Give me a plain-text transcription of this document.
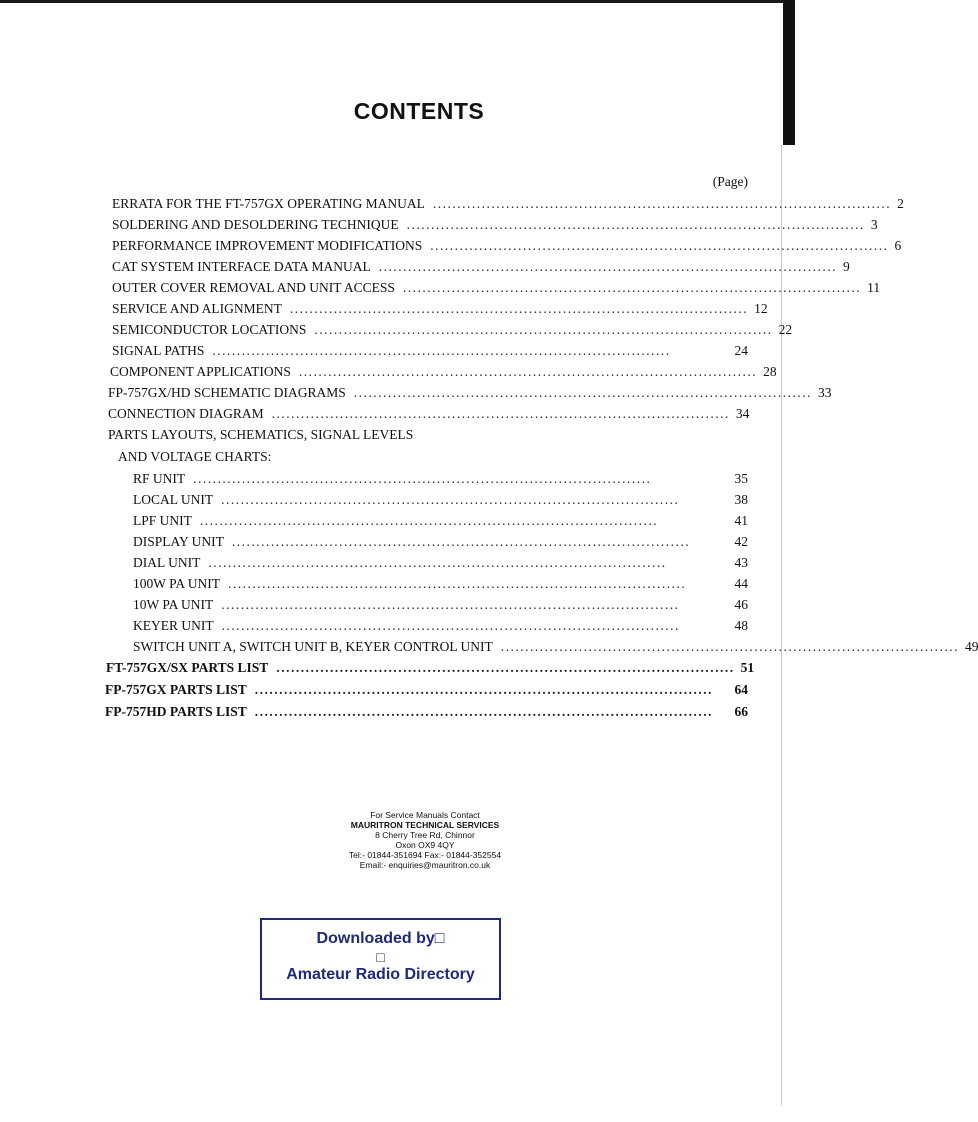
CONTENTS
(Page)
ERRATA FOR THE FT-757GX OPERATING MANUAL .............................................................................................. 2
SOLDERING AND DESOLDERING TECHNIQUE .............................................................................................. 3
PERFORMANCE IMPROVEMENT MODIFICATIONS .............................................................................................. 6
CAT SYSTEM INTERFACE DATA MANUAL .............................................................................................. 9
OUTER COVER REMOVAL AND UNIT ACCESS .............................................................................................. 11
SERVICE AND ALIGNMENT .............................................................................................. 12
SEMICONDUCTOR LOCATIONS .............................................................................................. 22
SIGNAL PATHS ..............................................................................................	24
COMPONENT APPLICATIONS .............................................................................................. 28
FP-757GX/HD SCHEMATIC DIAGRAMS .............................................................................................. 33
CONNECTION DIAGRAM .............................................................................................. 34
PARTS LAYOUTS, SCHEMATICS, SIGNAL LEVELS
AND VOLTAGE CHARTS:
RF UNIT ..............................................................................................	35
LOCAL UNIT ..............................................................................................	38
LPF UNIT ..............................................................................................	41
DISPLAY UNIT ..............................................................................................	42
DIAL UNIT ..............................................................................................	43
100W PA UNIT ..............................................................................................	44
10W PA UNIT ..............................................................................................	46
KEYER UNIT ..............................................................................................	48
SWITCH UNIT A, SWITCH UNIT B, KEYER CONTROL UNIT .............................................................................................. 49
FT-757GX/SX PARTS LIST .............................................................................................. 51
FP-757GX PARTS LIST ..............................................................................................	64
FP-757HD PARTS LIST ..............................................................................................	66
For Service Manuals Contact
MAURITRON TECHNICAL SERVICES
8 Cherry Tree Rd, Chinnor
Oxon OX9 4QY
Tel:- 01844-351694 Fax:- 01844-352554
Email:- enquiries@mauritron.co.uk
Downloaded by□
□
Amateur Radio Directory
